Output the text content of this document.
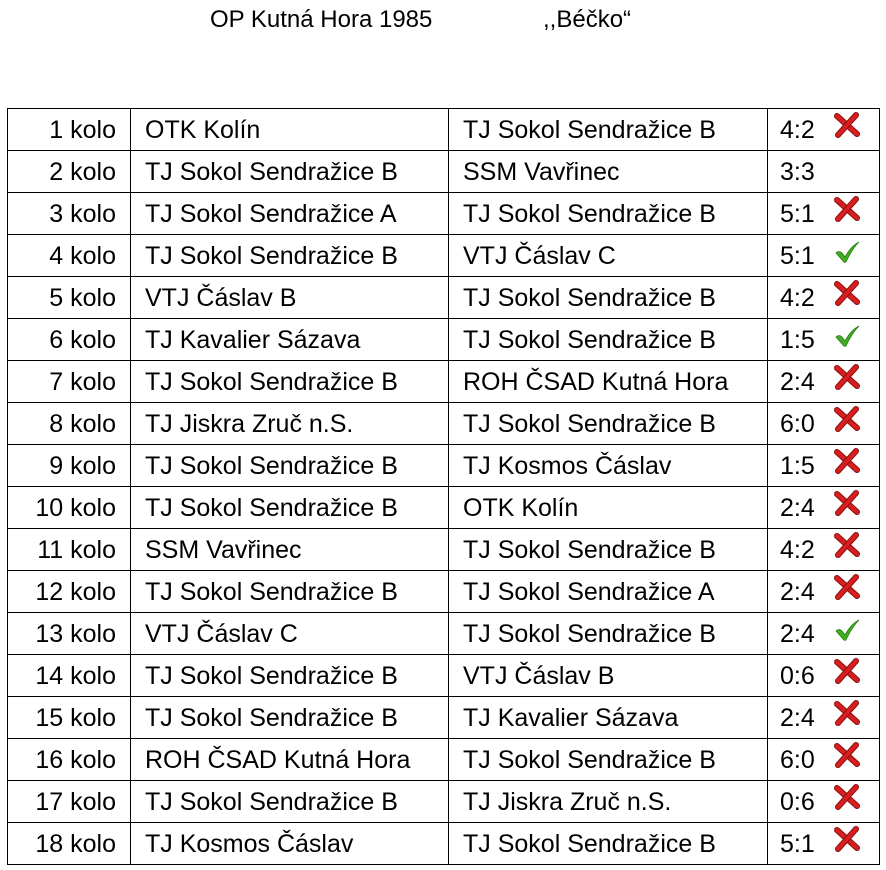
OP Kutná Hora 1985	,,Béčko“
1 kolo	OTK Kolín	TJ Sokol Sendražice B	4:2

2 kolo	TJ Sokol Sendražice B	SSM Vavřinec	3:3
3 kolo	TJ Sokol Sendražice A	TJ Sokol Sendražice B	5:1

4 kolo	TJ Sokol Sendražice B	VTJ Čáslav C	5:1

5 kolo	VTJ Čáslav B	TJ Sokol Sendražice B	4:2

6 kolo	TJ Kavalier Sázava	TJ Sokol Sendražice B	1:5

7 kolo	TJ Sokol Sendražice B	ROH ČSAD Kutná Hora	2:4

8 kolo	TJ Jiskra Zruč n.S.	TJ Sokol Sendražice B	6:0

9 kolo	TJ Sokol Sendražice B	TJ Kosmos Čáslav	1:5

10 kolo	TJ Sokol Sendražice B	OTK Kolín	2:4

11 kolo	SSM Vavřinec	TJ Sokol Sendražice B	4:2

12 kolo	TJ Sokol Sendražice B	TJ Sokol Sendražice A	2:4

13 kolo	VTJ Čáslav C	TJ Sokol Sendražice B	2:4

14 kolo	TJ Sokol Sendražice B	VTJ Čáslav B	0:6

15 kolo	TJ Sokol Sendražice B	TJ Kavalier Sázava	2:4

16 kolo	ROH ČSAD Kutná Hora	TJ Sokol Sendražice B	6:0

17 kolo	TJ Sokol Sendražice B	TJ Jiskra Zruč n.S.	0:6

18 kolo	TJ Kosmos Čáslav	TJ Sokol Sendražice B	5:1
